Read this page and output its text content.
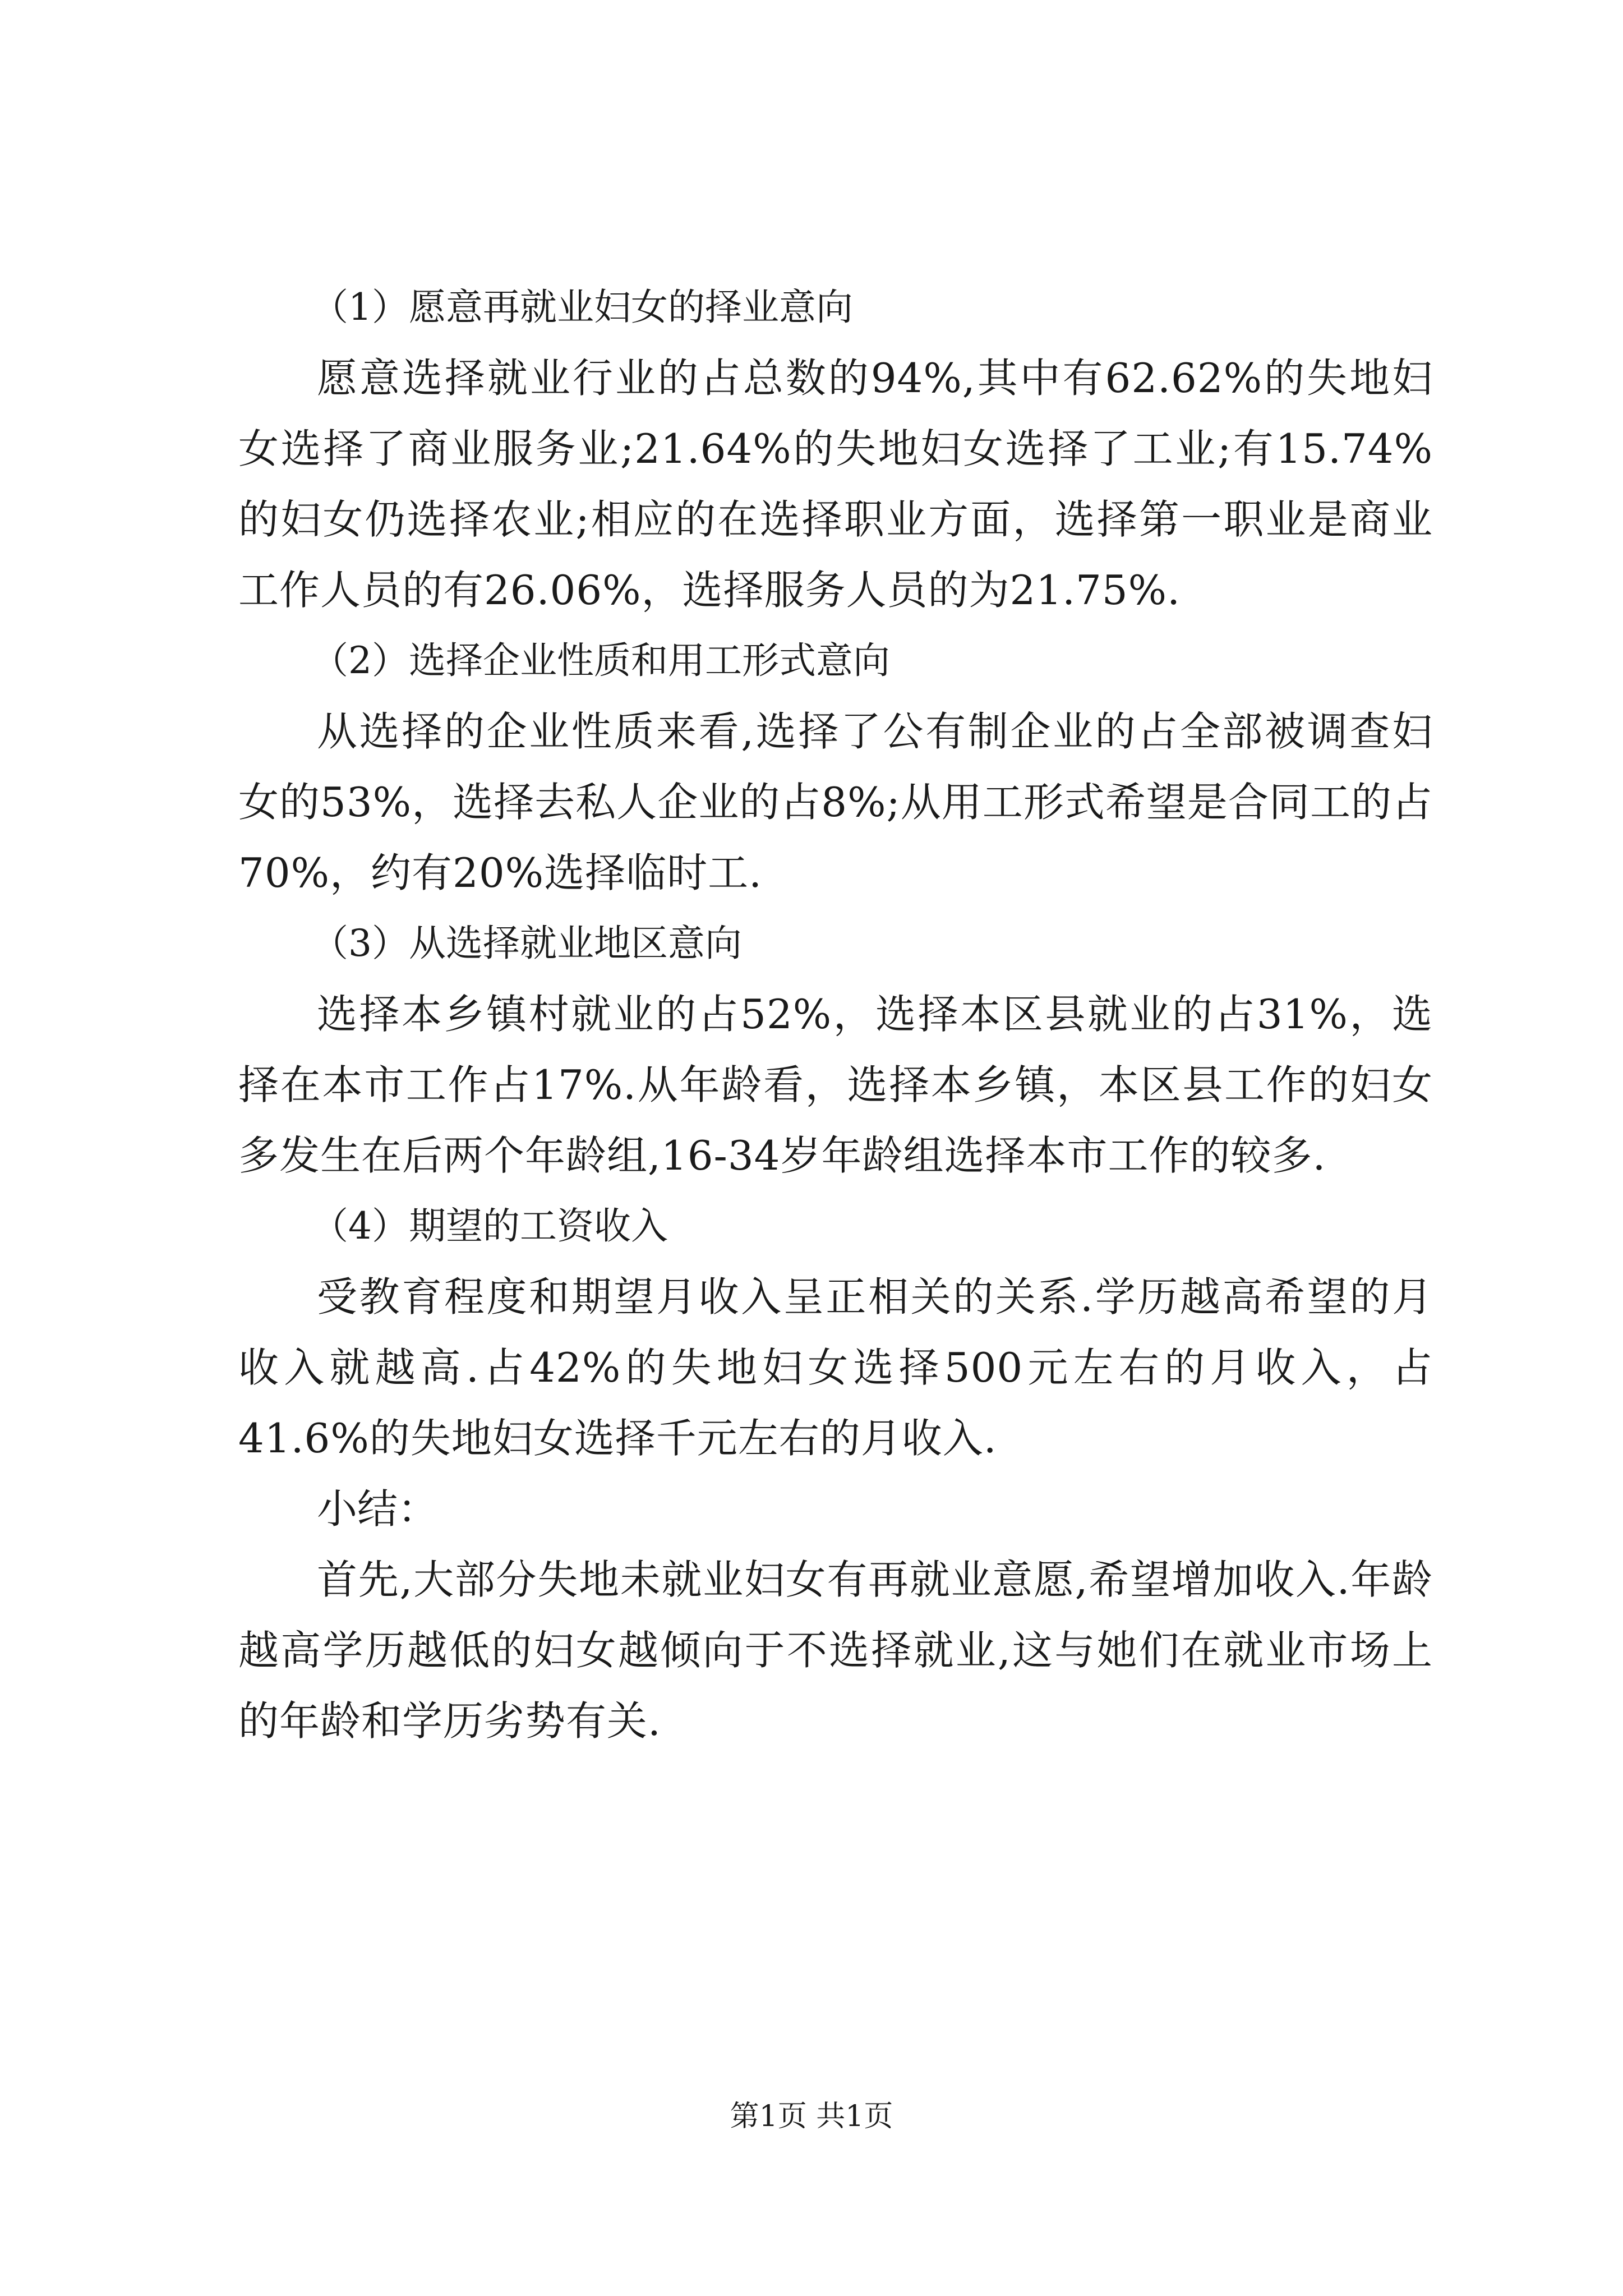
（1）愿意再就业妇女的择业意向

愿意选择就业行业的占总数的94%,其中有62.62%的失地妇女选择了商业服务业;21.64%的失地妇女选择了工业;有15.74%的妇女仍选择农业;相应的在选择职业方面，选择第一职业是商业工作人员的有26.06%，选择服务人员的为21.75%.

（2）选择企业性质和用工形式意向

从选择的企业性质来看,选择了公有制企业的占全部被调查妇女的53%，选择去私人企业的占8%;从用工形式希望是合同工的占70%，约有20%选择临时工.

（3）从选择就业地区意向

选择本乡镇村就业的占52%，选择本区县就业的占31%，选择在本市工作占17%.从年龄看，选择本乡镇，本区县工作的妇女多发生在后两个年龄组,16-34岁年龄组选择本市工作的较多.

（4）期望的工资收入

受教育程度和期望月收入呈正相关的关系.学历越高希望的月收入就越高.占42%的失地妇女选择500元左右的月收入，占41.6%的失地妇女选择千元左右的月收入.

小结：

首先,大部分失地未就业妇女有再就业意愿,希望增加收入.年龄越高学历越低的妇女越倾向于不选择就业,这与她们在就业市场上的年龄和学历劣势有关.

第1页 共1页
